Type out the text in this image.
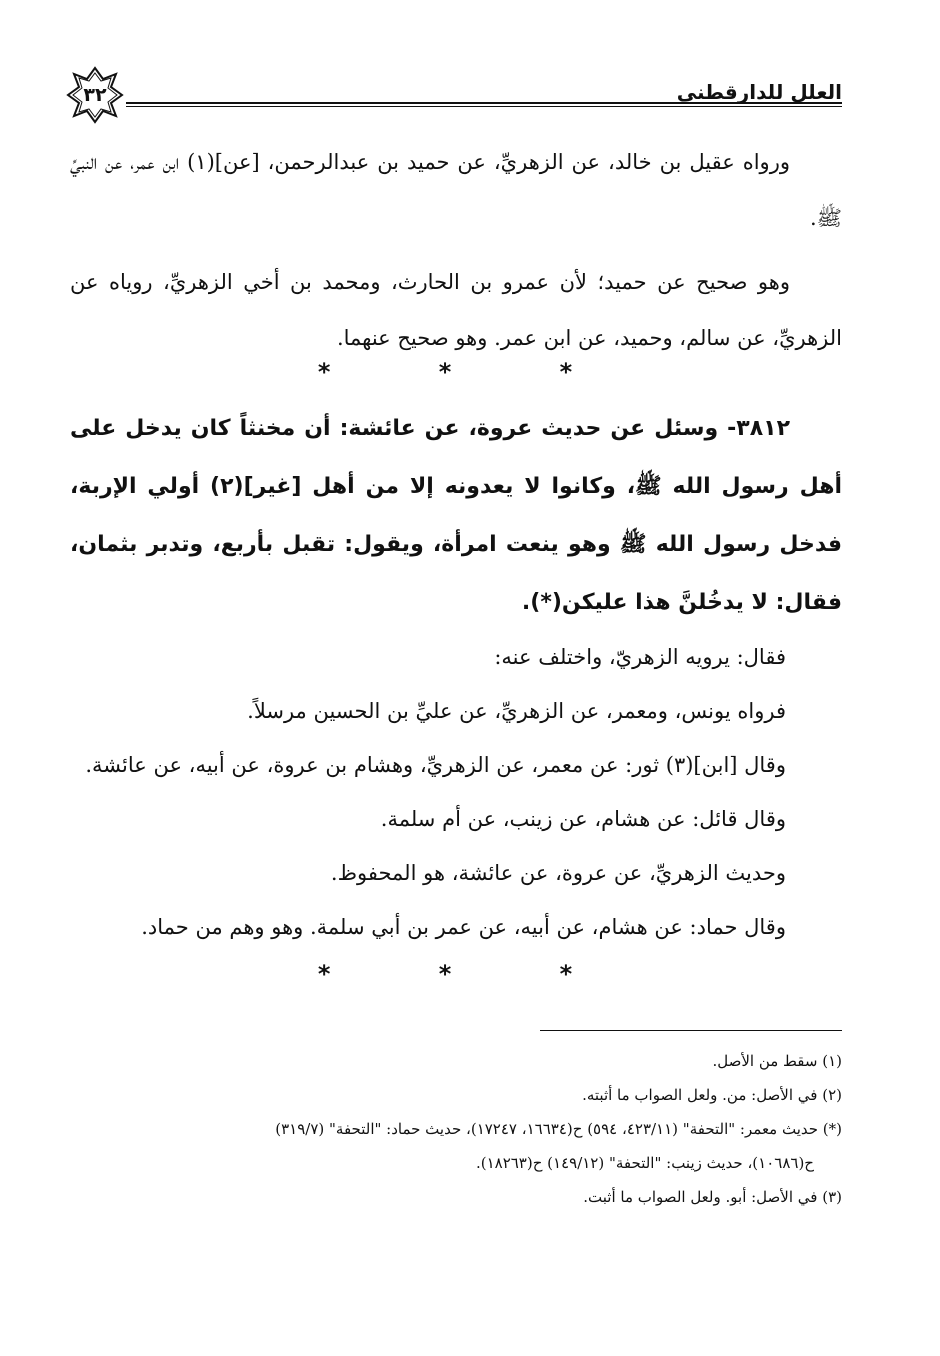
٣٢	العلل للدارقطني

ورواه عقيل بن خالد، عن الزهريِّ، عن حميد بن عبدالرحمن، [عن](١) ابن عمر، عن النبيِّ ﷺ.

وهو صحيح عن حميد؛ لأن عمرو بن الحارث، ومحمد بن أخي الزهريِّ، روياه عن الزهريِّ، عن سالم، وحميد، عن ابن عمر. وهو صحيح عنهما.

* * *

٣٨١٢- وسئل عن حديث عروة، عن عائشة: أن مخنثاً كان يدخل على أهل رسول الله ﷺ، وكانوا لا يعدونه إلا من أهل [غير](٢) أولي الإربة، فدخل رسول الله ﷺ وهو ينعت امرأة، ويقول: تقبل بأربع، وتدبر بثمان، فقال: لا يدخُلنَّ هذا عليكن(*).

فقال: يرويه الزهريّ، واختلف عنه:

فرواه يونس، ومعمر، عن الزهريِّ، عن عليِّ بن الحسين مرسلاً.

وقال [ابن](٣) ثور: عن معمر، عن الزهريِّ، وهشام بن عروة، عن أبيه، عن عائشة.

وقال قائل: عن هشام، عن زينب، عن أم سلمة.

وحديث الزهريِّ، عن عروة، عن عائشة، هو المحفوظ.

وقال حماد: عن هشام، عن أبيه، عن عمر بن أبي سلمة. وهو وهم من حماد.

* * *

(١) سقط من الأصل.

(٢) في الأصل: من. ولعل الصواب ما أثبته.

(*) حديث معمر: "التحفة" (٤٢٣/١١، ٥٩٤) ح(١٦٦٣٤، ١٧٢٤٧)، حديث حماد: "التحفة" (٣١٩/٧)

ح(١٠٦٨٦)، حديث زينب: "التحفة" (١٤٩/١٢) ح(١٨٢٦٣).

(٣) في الأصل: أبو. ولعل الصواب ما أثبت.
